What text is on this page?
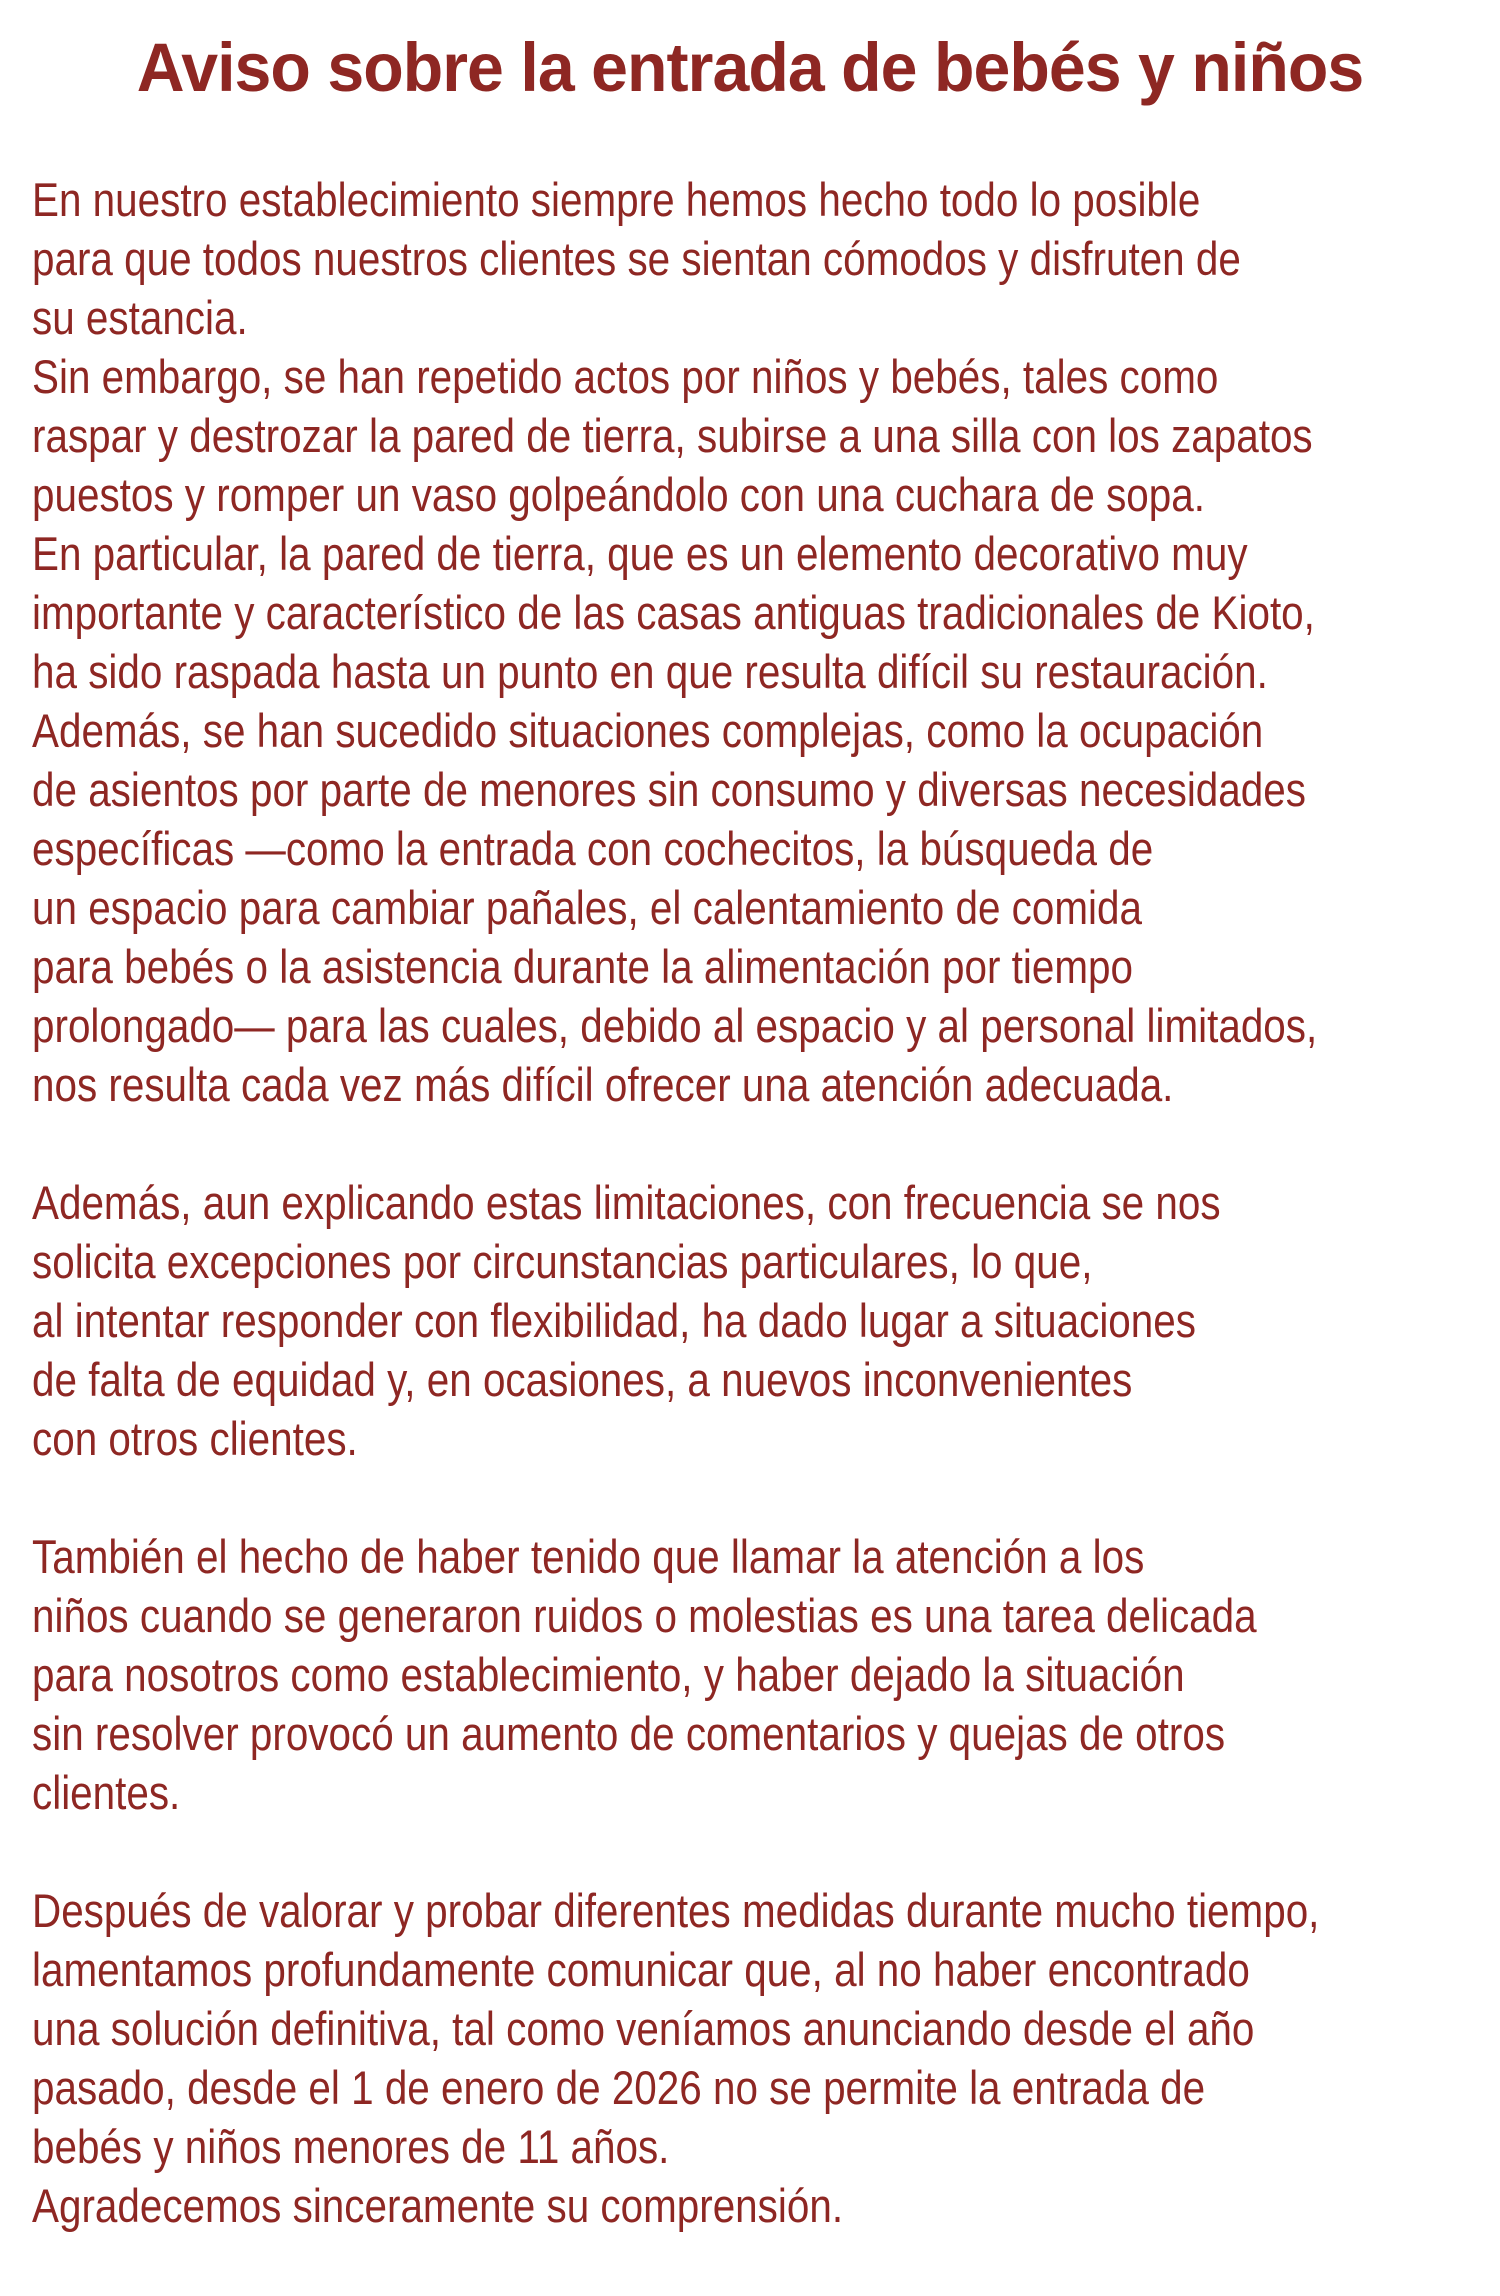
Aviso sobre la entrada de bebés y niños
En nuestro establecimiento siempre hemos hecho todo lo posible
para que todos nuestros clientes se sientan cómodos y disfruten de
su estancia.
Sin embargo, se han repetido actos por niños y bebés, tales como
raspar y destrozar la pared de tierra, subirse a una silla con los zapatos
puestos y romper un vaso golpeándolo con una cuchara de sopa.
En particular, la pared de tierra, que es un elemento decorativo muy
importante y característico de las casas antiguas tradicionales de Kioto,
ha sido raspada hasta un punto en que resulta difícil su restauración.
Además, se han sucedido situaciones complejas, como la ocupación
de asientos por parte de menores sin consumo y diversas necesidades
específicas —como la entrada con cochecitos, la búsqueda de
un espacio para cambiar pañales, el calentamiento de comida
para bebés o la asistencia durante la alimentación por tiempo
prolongado— para las cuales, debido al espacio y al personal limitados,
nos resulta cada vez más difícil ofrecer una atención adecuada.
Además, aun explicando estas limitaciones, con frecuencia se nos
solicita excepciones por circunstancias particulares, lo que,
al intentar responder con flexibilidad, ha dado lugar a situaciones
de falta de equidad y, en ocasiones, a nuevos inconvenientes
con otros clientes.
También el hecho de haber tenido que llamar la atención a los
niños cuando se generaron ruidos o molestias es una tarea delicada
para nosotros como establecimiento, y haber dejado la situación
sin resolver provocó un aumento de comentarios y quejas de otros
clientes.
Después de valorar y probar diferentes medidas durante mucho tiempo,
lamentamos profundamente comunicar que, al no haber encontrado
una solución definitiva, tal como veníamos anunciando desde el año
pasado, desde el 1 de enero de 2026 no se permite la entrada de
bebés y niños menores de 11 años.
Agradecemos sinceramente su comprensión.
